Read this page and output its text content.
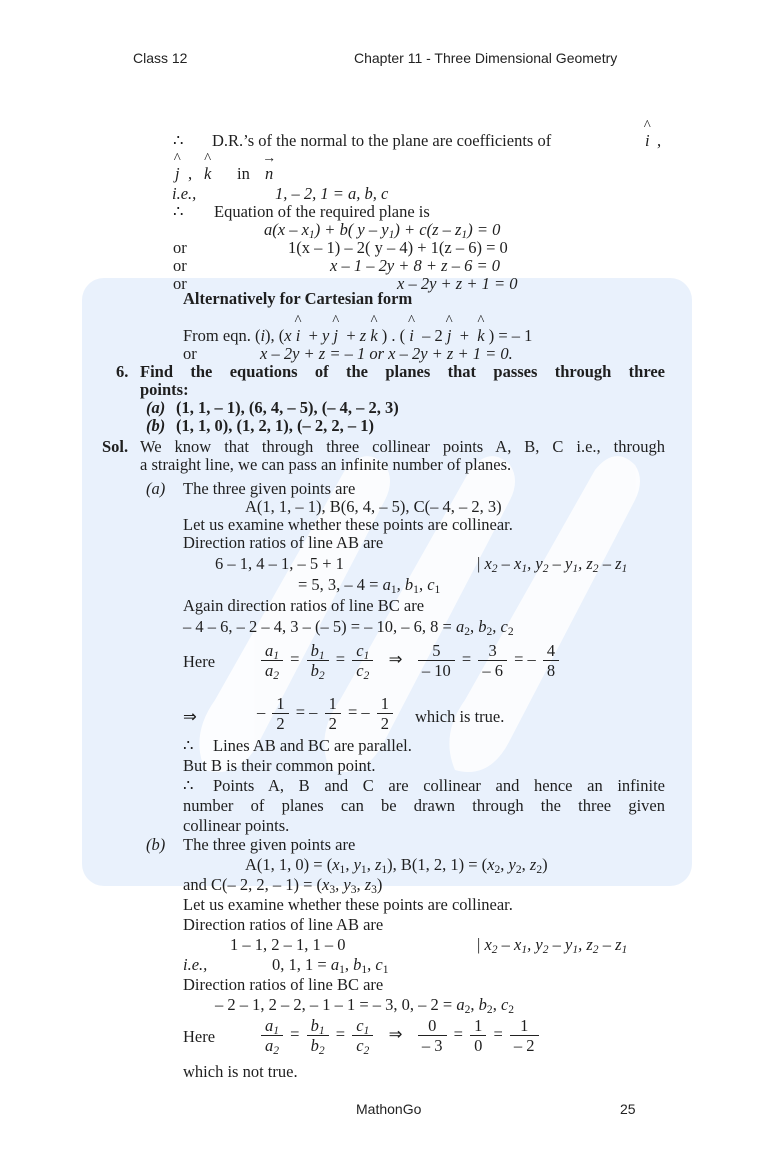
Class 12	Chapter 11 - Three Dimensional Geometry
∴ D.R.’s of the normal to the plane are coefficients of	^ i ,
^ j , ^ k in → n
i.e.,	1, – 2, 1 = a, b, c
∴ Equation of the required plane is
$a(x - x_1) + b$( $y - y_1) + c(z - z_1) = 0$
or	1(x – 1) – 2( y – 4) + 1(z – 6) = 0
or	x – 1 – 2y + 8 + z – 6 = 0
or	x – 2y + z + 1 = 0
Alternatively for Cartesian form
From eqn. (i), (x ^ i  + y ^ j  + z ^ k ) . ( ^ i  – 2 ^ j  +  ^ k ) = – 1
or	x – 2y + z = – 1 or x – 2y + z + 1 = 0.
6. Find the equations of the planes that passes through three
points:
(a) (1, 1, – 1), (6, 4, – 5), (– 4, – 2, 3)
(b) (1, 1, 0), (1, 2, 1), (– 2, 2, – 1)
Sol. We know that through three collinear points A, B, C i.e., through
a straight line, we can pass an infinite number of planes.
(a) The three given points are
A(1, 1, – 1), B(6, 4, – 5), C(– 4, – 2, 3)
Let us examine whether these points are collinear.
Direction ratios of line AB are
6 – 1, 4 – 1, – 5 + 1	| $x_2 - x_1$, $y_2 - y_1$, $z_2 - z_1$
= 5, 3, – $4 = a_1$, $b_1$, $c_1$
Again direction ratios of line BC are
– 4 – 6, – 2 – 4, 3 – (– 5) = – 10, – 6, $8 = a_2$, $b_2$, $c_2$
Here	$\frac{a_1}{a_2} = \frac{b_1}{b_2} = \frac{c_1}{c_2}$ ⇒ $\frac{5}{- 10} = \frac{3}{- 6}$ = – $\frac{4}{8}$
⇒	– $\frac{1}{2}$ = – $\frac{1}{2}$ = – $\frac{1}{2}$ which is true.
∴ Lines AB and BC are parallel.
But B is their common point.
∴ Points A, B and C are collinear and hence an infinite
number of planes can be drawn through the three given
collinear points.
(b) The three given points are
A(1, 1, $0) = (x_1$, $y_1$, $z_1$), B(1, 2, $1) = (x_2$, $y_2$, $z_2$)
and C(– 2, 2, – $1) = (x_3$, $y_3$, $z_3$)
Let us examine whether these points are collinear.
Direction ratios of line AB are
1 – 1, 2 – 1, 1 – 0	| $x_2 - x_1$, $y_2 - y_1$, $z_2 - z_1$
i.e.,	0, 1, $1 = a_1$, $b_1$, $c_1$
Direction ratios of line BC are
– 2 – 1, 2 – 2, – 1 – 1 = – 3, 0, – $2 = a_2$, $b_2$, $c_2$
Here	$\frac{a_1}{a_2} = \frac{b_1}{b_2} = \frac{c_1}{c_2}$ ⇒ $\frac{0}{- 3} = \frac{1}{0} = \frac{1}{- 2}$
which is not true.
MathonGo	25
